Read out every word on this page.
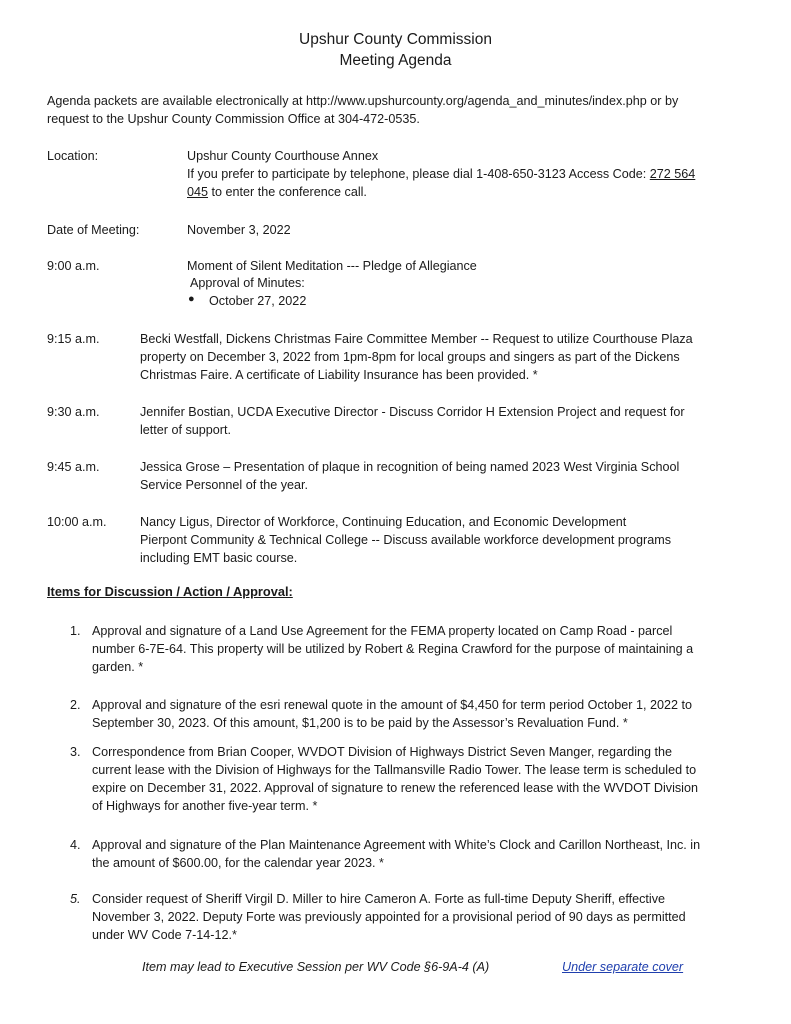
Upshur County Commission
Meeting Agenda
Agenda packets are available electronically at http://www.upshurcounty.org/agenda_and_minutes/index.php or by
request to the Upshur County Commission Office at 304-472-0535.
Location:	Upshur County Courthouse Annex
If you prefer to participate by telephone, please dial 1-408-650-3123 Access Code: 272 564
045 to enter the conference call.
Date of Meeting:	November 3, 2022
9:00 a.m.	Moment of Silent Meditation --- Pledge of Allegiance
Approval of Minutes:
● October 27, 2022
9:15 a.m.	Becki Westfall, Dickens Christmas Faire Committee Member -- Request to utilize Courthouse Plaza
property on December 3, 2022 from 1pm-8pm for local groups and singers as part of the Dickens
Christmas Faire. A certificate of Liability Insurance has been provided. *
9:30 a.m.	Jennifer Bostian, UCDA Executive Director - Discuss Corridor H Extension Project and request for
letter of support.
9:45 a.m.	Jessica Grose – Presentation of plaque in recognition of being named 2023 West Virginia School
Service Personnel of the year.
10:00 a.m.	Nancy Ligus, Director of Workforce, Continuing Education, and Economic Development
Pierpont Community & Technical College -- Discuss available workforce development programs
including EMT basic course.
Items for Discussion / Action / Approval:
1. Approval and signature of a Land Use Agreement for the FEMA property located on Camp Road - parcel
number 6-7E-64. This property will be utilized by Robert & Regina Crawford for the purpose of maintaining a
garden. *
2. Approval and signature of the esri renewal quote in the amount of $4,450 for term period October 1, 2022 to
September 30, 2023. Of this amount, $1,200 is to be paid by the Assessor’s Revaluation Fund. *
3. Correspondence from Brian Cooper, WVDOT Division of Highways District Seven Manger, regarding the
current lease with the Division of Highways for the Tallmansville Radio Tower. The lease term is scheduled to
expire on December 31, 2022. Approval of signature to renew the referenced lease with the WVDOT Division
of Highways for another five-year term. *
4. Approval and signature of the Plan Maintenance Agreement with White’s Clock and Carillon Northeast, Inc. in
the amount of $600.00, for the calendar year 2023. *
5. Consider request of Sheriff Virgil D. Miller to hire Cameron A. Forte as full-time Deputy Sheriff, effective
November 3, 2022. Deputy Forte was previously appointed for a provisional period of 90 days as permitted
under WV Code 7-14-12.*
Item may lead to Executive Session per WV Code §6-9A-4 (A)	Under separate cover
